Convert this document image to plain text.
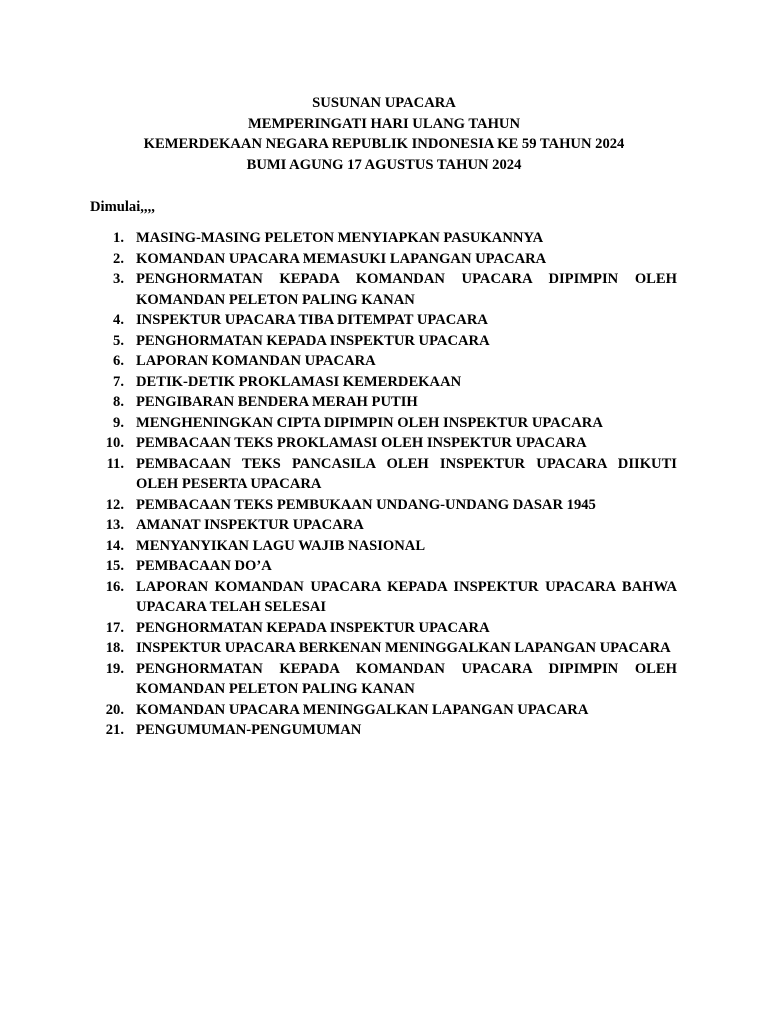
SUSUNAN UPACARA
MEMPERINGATI HARI ULANG TAHUN
KEMERDEKAAN NEGARA REPUBLIK INDONESIA KE 59 TAHUN 2024
BUMI AGUNG 17 AGUSTUS TAHUN 2024
Dimulai,,,,
1. MASING-MASING PELETON MENYIAPKAN PASUKANNYA
2. KOMANDAN UPACARA MEMASUKI LAPANGAN UPACARA
3. PENGHORMATAN KEPADA KOMANDAN UPACARA DIPIMPIN OLEH KOMANDAN PELETON PALING KANAN
4. INSPEKTUR UPACARA TIBA DITEMPAT UPACARA
5. PENGHORMATAN KEPADA INSPEKTUR UPACARA
6. LAPORAN KOMANDAN UPACARA
7. DETIK-DETIK PROKLAMASI KEMERDEKAAN
8. PENGIBARAN BENDERA MERAH PUTIH
9. MENGHENINGKAN CIPTA DIPIMPIN OLEH INSPEKTUR UPACARA
10. PEMBACAAN TEKS PROKLAMASI OLEH INSPEKTUR UPACARA
11. PEMBACAAN TEKS PANCASILA OLEH INSPEKTUR UPACARA DIIKUTI OLEH PESERTA UPACARA
12. PEMBACAAN TEKS PEMBUKAAN UNDANG-UNDANG DASAR 1945
13. AMANAT INSPEKTUR UPACARA
14. MENYANYIKAN LAGU WAJIB NASIONAL
15. PEMBACAAN DO’A
16. LAPORAN KOMANDAN UPACARA KEPADA INSPEKTUR UPACARA BAHWA UPACARA TELAH SELESAI
17. PENGHORMATAN KEPADA INSPEKTUR UPACARA
18. INSPEKTUR UPACARA BERKENAN MENINGGALKAN LAPANGAN UPACARA
19. PENGHORMATAN KEPADA KOMANDAN UPACARA DIPIMPIN OLEH KOMANDAN PELETON PALING KANAN
20. KOMANDAN UPACARA MENINGGALKAN LAPANGAN UPACARA
21. PENGUMUMAN-PENGUMUMAN
